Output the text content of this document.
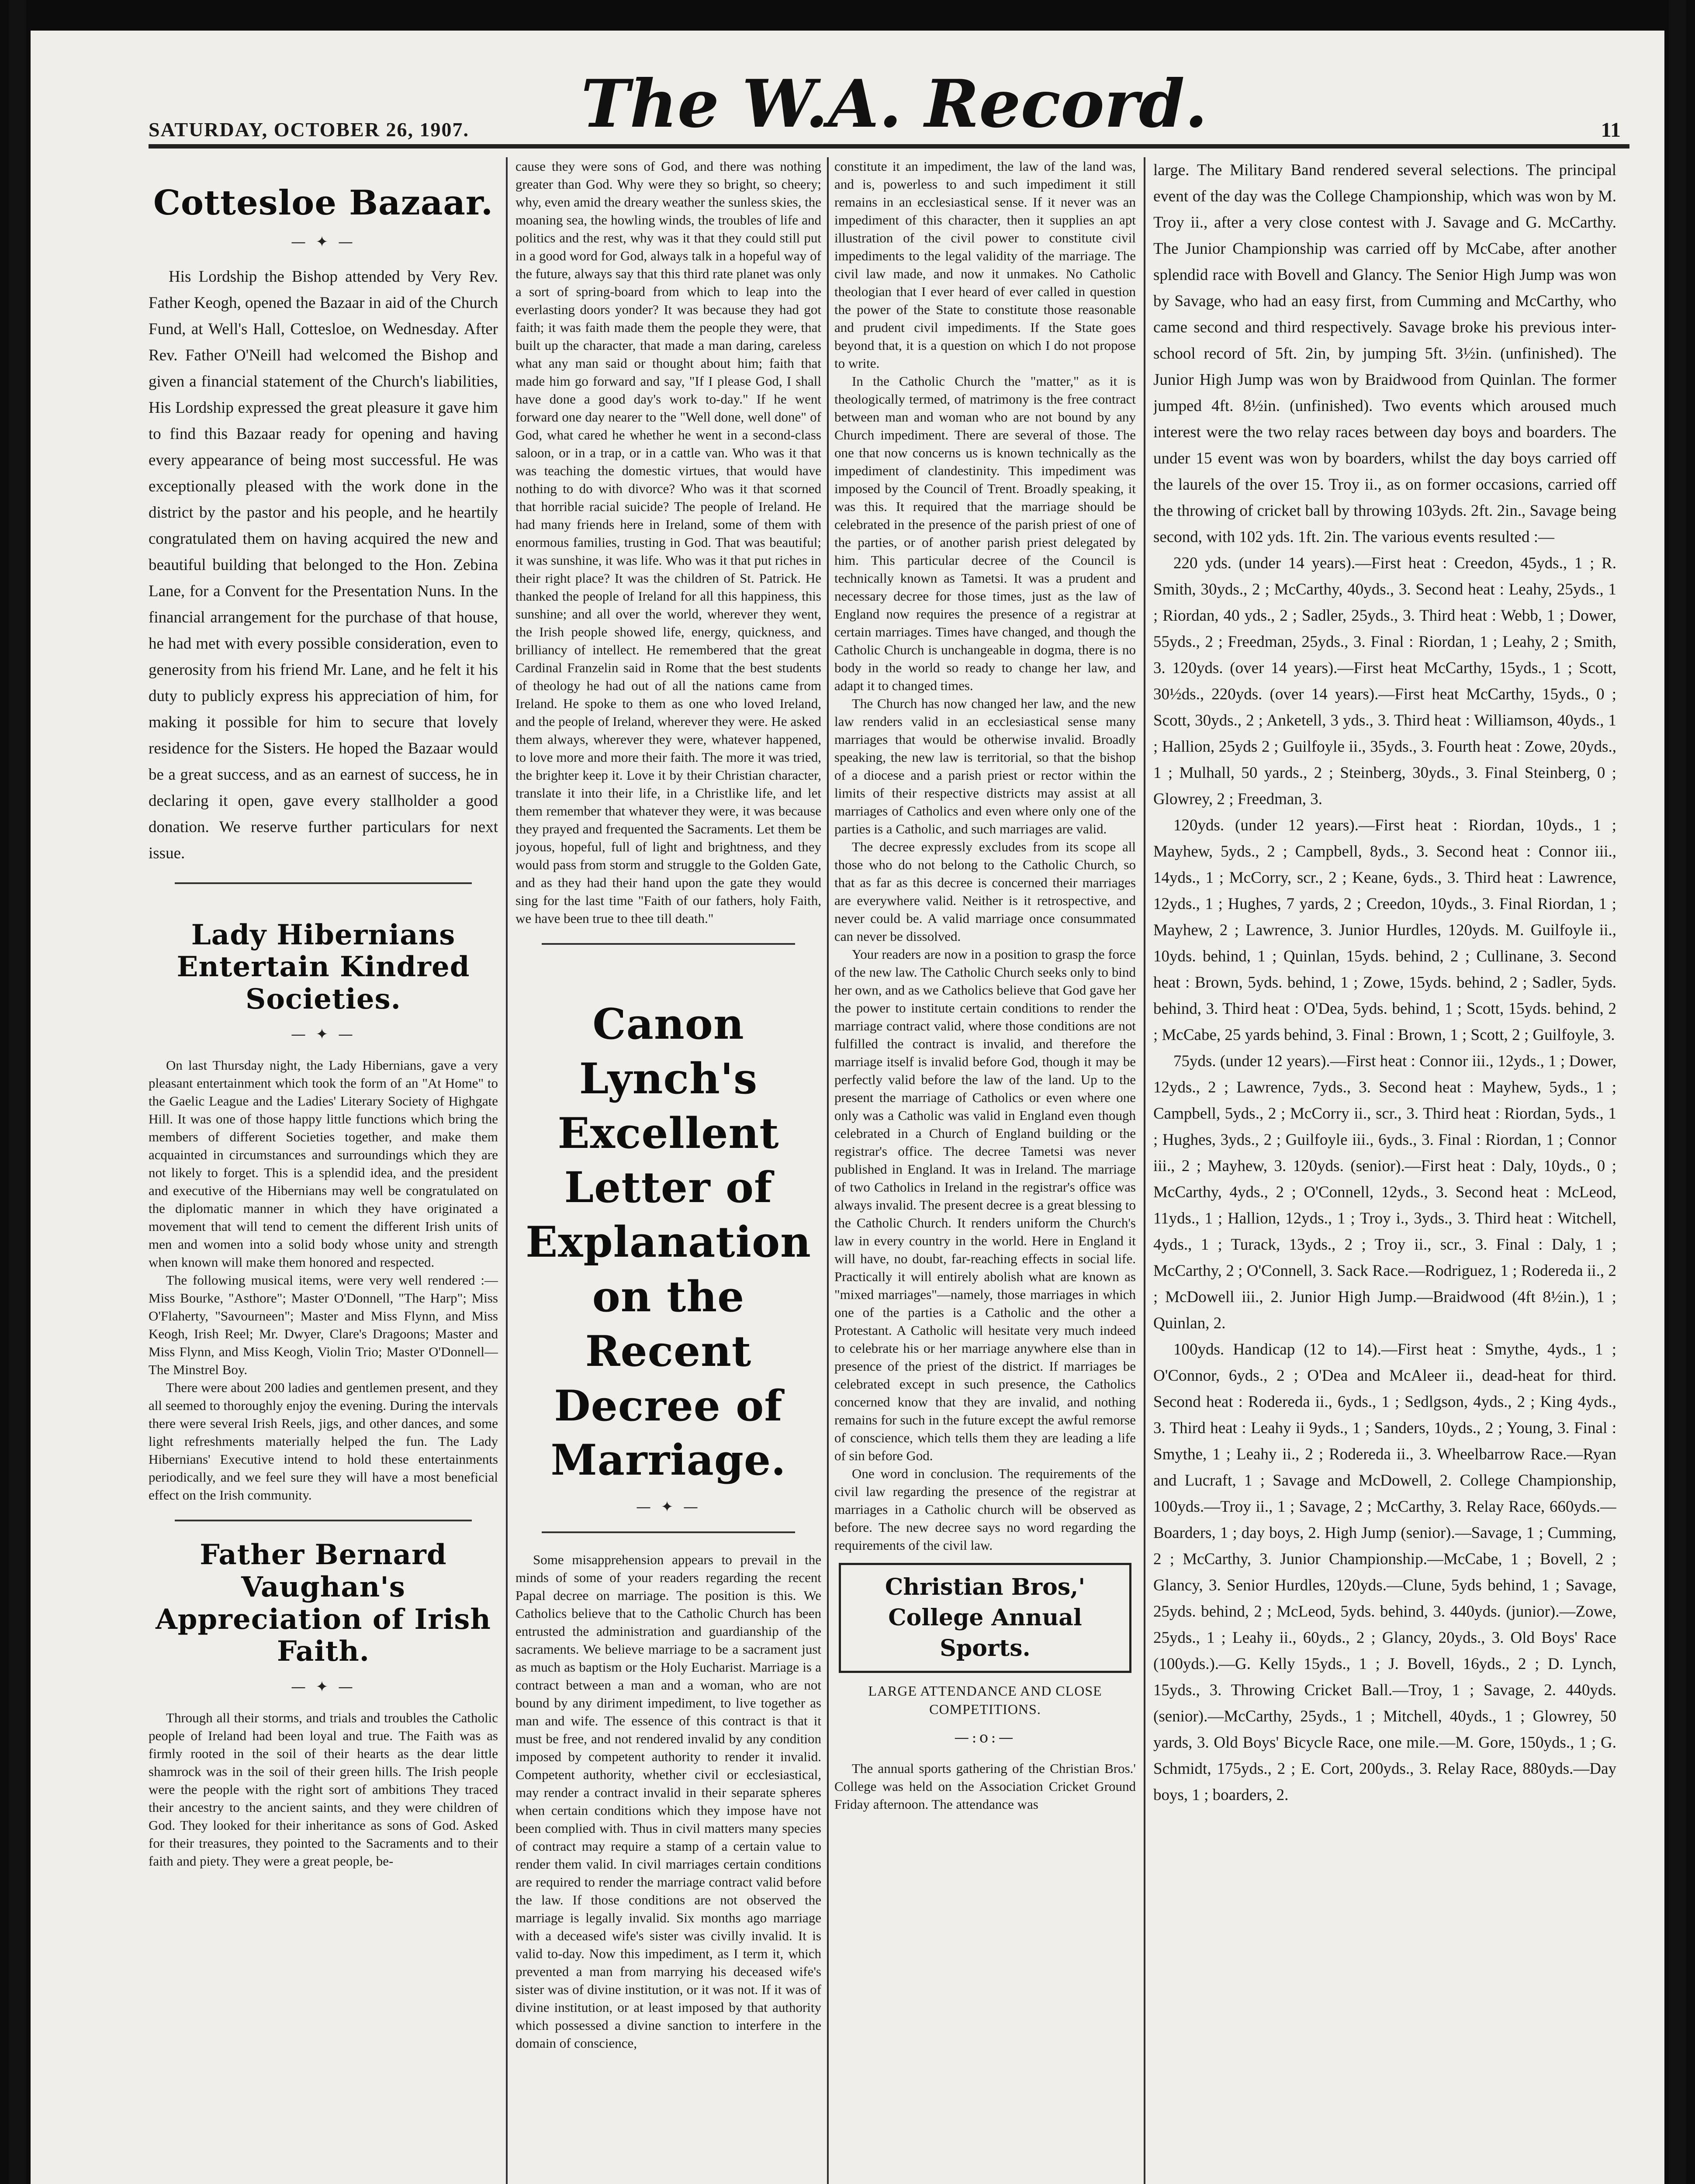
SATURDAY, OCTOBER 26, 1907. The W.A. Record.	11
Cottesloe Bazaar.
— ✦ —

His Lordship the Bishop attended by Very Rev. Father Keogh, opened the Bazaar in aid of the Church Fund, at Well's Hall, Cottesloe, on Wednesday. After Rev. Father O'Neill had welcomed the Bishop and given a financial statement of the Church's liabilities, His Lordship expressed the great pleasure it gave him to find this Bazaar ready for opening and having every appearance of being most successful. He was exceptionally pleased with the work done in the district by the pastor and his people, and he heartily congratulated them on having acquired the new and beautiful building that belonged to the Hon. Zebina Lane, for a Convent for the Presentation Nuns. In the financial arrangement for the purchase of that house, he had met with every possible consideration, even to generosity from his friend Mr. Lane, and he felt it his duty to publicly express his appreciation of him, for making it possible for him to secure that lovely residence for the Sisters. He hoped the Bazaar would be a great success, and as an earnest of success, he in declaring it open, gave every stallholder a good donation. We reserve further particulars for next issue.

Lady Hibernians Entertain Kindred Societies.
— ✦ —

On last Thursday night, the Lady Hibernians, gave a very pleasant entertainment which took the form of an "At Home" to the Gaelic League and the Ladies' Literary Society of Highgate Hill. It was one of those happy little functions which bring the members of different Societies together, and make them acquainted in circumstances and surroundings which they are not likely to forget. This is a splendid idea, and the president and executive of the Hibernians may well be congratulated on the diplomatic manner in which they have originated a movement that will tend to cement the different Irish units of men and women into a solid body whose unity and strength when known will make them honored and respected.

The following musical items, were very well rendered :—Miss Bourke, "Asthore"; Master O'Donnell, "The Harp"; Miss O'Flaherty, "Savourneen"; Master and Miss Flynn, and Miss Keogh, Irish Reel; Mr. Dwyer, Clare's Dragoons; Master and Miss Flynn, and Miss Keogh, Violin Trio; Master O'Donnell—The Minstrel Boy.

There were about 200 ladies and gentlemen present, and they all seemed to thoroughly enjoy the evening. During the intervals there were several Irish Reels, jigs, and other dances, and some light refreshments materially helped the fun. The Lady Hibernians' Executive intend to hold these entertainments periodically, and we feel sure they will have a most beneficial effect on the Irish community.

Father Bernard Vaughan's Appreciation of Irish Faith.
— ✦ —

Through all their storms, and trials and troubles the Catholic people of Ireland had been loyal and true. The Faith was as firmly rooted in the soil of their hearts as the dear little shamrock was in the soil of their green hills. The Irish people were the people with the right sort of ambitions They traced their ancestry to the ancient saints, and they were children of God. They looked for their inheritance as sons of God. Asked for their treasures, they pointed to the Sacraments and to their faith and piety. They were a great people, be-

cause they were sons of God, and there was nothing greater than God. Why were they so bright, so cheery; why, even amid the dreary weather the sunless skies, the moaning sea, the howling winds, the troubles of life and politics and the rest, why was it that they could still put in a good word for God, always talk in a hopeful way of the future, always say that this third rate planet was only a sort of spring-board from which to leap into the everlasting doors yonder? It was because they had got faith; it was faith made them the people they were, that built up the character, that made a man daring, careless what any man said or thought about him; faith that made him go forward and say, "If I please God, I shall have done a good day's work to-day." If he went forward one day nearer to the "Well done, well done" of God, what cared he whether he went in a second-class saloon, or in a trap, or in a cattle van. Who was it that was teaching the domestic virtues, that would have nothing to do with divorce? Who was it that scorned that horrible racial suicide? The people of Ireland. He had many friends here in Ireland, some of them with enormous families, trusting in God. That was beautiful; it was sunshine, it was life. Who was it that put riches in their right place? It was the children of St. Patrick. He thanked the people of Ireland for all this happiness, this sunshine; and all over the world, wherever they went, the Irish people showed life, energy, quickness, and brilliancy of intellect. He remembered that the great Cardinal Franzelin said in Rome that the best students of theology he had out of all the nations came from Ireland. He spoke to them as one who loved Ireland, and the people of Ireland, wherever they were. He asked them always, wherever they were, whatever happened, to love more and more their faith. The more it was tried, the brighter keep it. Love it by their Christian character, translate it into their life, in a Christlike life, and let them remember that whatever they were, it was because they prayed and frequented the Sacraments. Let them be joyous, hopeful, full of light and brightness, and they would pass from storm and struggle to the Golden Gate, and as they had their hand upon the gate they would sing for the last time "Faith of our fathers, holy Faith, we have been true to thee till death."

Canon Lynch's Excellent Letter of Explanation on the Recent Decree of Marriage.
— ✦ —

Some misapprehension appears to prevail in the minds of some of your readers regarding the recent Papal decree on marriage. The position is this. We Catholics believe that to the Catholic Church has been entrusted the administration and guardianship of the sacraments. We believe marriage to be a sacrament just as much as baptism or the Holy Eucharist. Marriage is a contract between a man and a woman, who are not bound by any diriment impediment, to live together as man and wife. The essence of this contract is that it must be free, and not rendered invalid by any condition imposed by competent authority to render it invalid. Competent authority, whether civil or ecclesiastical, may render a contract invalid in their separate spheres when certain conditions which they impose have not been complied with. Thus in civil matters many species of contract may require a stamp of a certain value to render them valid. In civil marriages certain conditions are required to render the marriage contract valid before the law. If those conditions are not observed the marriage is legally invalid. Six months ago marriage with a deceased wife's sister was civilly invalid. It is valid to-day. Now this impediment, as I term it, which prevented a man from marrying his deceased wife's sister was of divine institution, or it was not. If it was of divine institution, or at least imposed by that authority which possessed a divine sanction to interfere in the domain of conscience,

constitute it an impediment, the law of the land was, and is, powerless to and such impediment it still remains in an ecclesiastical sense. If it never was an impediment of this character, then it supplies an apt illustration of the civil power to constitute civil impediments to the legal validity of the marriage. The civil law made, and now it unmakes. No Catholic theologian that I ever heard of ever called in question the power of the State to constitute those reasonable and prudent civil impediments. If the State goes beyond that, it is a question on which I do not propose to write.

In the Catholic Church the "matter," as it is theologically termed, of matrimony is the free contract between man and woman who are not bound by any Church impediment. There are several of those. The one that now concerns us is known technically as the impediment of clandestinity. This impediment was imposed by the Council of Trent. Broadly speaking, it was this. It required that the marriage should be celebrated in the presence of the parish priest of one of the parties, or of another parish priest delegated by him. This particular decree of the Council is technically known as Tametsi. It was a prudent and necessary decree for those times, just as the law of England now requires the presence of a registrar at certain marriages. Times have changed, and though the Catholic Church is unchangeable in dogma, there is no body in the world so ready to change her law, and adapt it to changed times.

The Church has now changed her law, and the new law renders valid in an ecclesiastical sense many marriages that would be otherwise invalid. Broadly speaking, the new law is territorial, so that the bishop of a diocese and a parish priest or rector within the limits of their respective districts may assist at all marriages of Catholics and even where only one of the parties is a Catholic, and such marriages are valid.

The decree expressly excludes from its scope all those who do not belong to the Catholic Church, so that as far as this decree is concerned their marriages are everywhere valid. Neither is it retrospective, and never could be. A valid marriage once consummated can never be dissolved.

Your readers are now in a position to grasp the force of the new law. The Catholic Church seeks only to bind her own, and as we Catholics believe that God gave her the power to institute certain conditions to render the marriage contract valid, where those conditions are not fulfilled the contract is invalid, and therefore the marriage itself is invalid before God, though it may be perfectly valid before the law of the land. Up to the present the marriage of Catholics or even where one only was a Catholic was valid in England even though celebrated in a Church of England building or the registrar's office. The decree Tametsi was never published in England. It was in Ireland. The marriage of two Catholics in Ireland in the registrar's office was always invalid. The present decree is a great blessing to the Catholic Church. It renders uniform the Church's law in every country in the world. Here in England it will have, no doubt, far-reaching effects in social life. Practically it will entirely abolish what are known as "mixed marriages"—namely, those marriages in which one of the parties is a Catholic and the other a Protestant. A Catholic will hesitate very much indeed to celebrate his or her marriage anywhere else than in presence of the priest of the district. If marriages be celebrated except in such presence, the Catholics concerned know that they are invalid, and nothing remains for such in the future except the awful remorse of conscience, which tells them they are leading a life of sin before God.

One word in conclusion. The requirements of the civil law regarding the presence of the registrar at marriages in a Catholic church will be observed as before. The new decree says no word regarding the requirements of the civil law.

Christian Bros,' College Annual Sports.
LARGE ATTENDANCE AND CLOSE COMPETITIONS.
—:o:—

The annual sports gathering of the Christian Bros.' College was held on the Association Cricket Ground Friday afternoon. The attendance was

large. The Military Band rendered several selections. The principal event of the day was the College Championship, which was won by M. Troy ii., after a very close contest with J. Savage and G. McCarthy. The Junior Championship was carried off by McCabe, after another splendid race with Bovell and Glancy. The Senior High Jump was won by Savage, who had an easy first, from Cumming and McCarthy, who came second and third respectively. Savage broke his previous inter-school record of 5ft. 2in, by jumping 5ft. 3½in. (unfinished). The Junior High Jump was won by Braidwood from Quinlan. The former jumped 4ft. 8½in. (unfinished). Two events which aroused much interest were the two relay races between day boys and boarders. The under 15 event was won by boarders, whilst the day boys carried off the laurels of the over 15. Troy ii., as on former occasions, carried off the throwing of cricket ball by throwing 103yds. 2ft. 2in., Savage being second, with 102 yds. 1ft. 2in. The various events resulted :—

220 yds. (under 14 years).—First heat : Creedon, 45yds., 1 ; R. Smith, 30yds., 2 ; McCarthy, 40yds., 3. Second heat : Leahy, 25yds., 1 ; Riordan, 40 yds., 2 ; Sadler, 25yds., 3. Third heat : Webb, 1 ; Dower, 55yds., 2 ; Freedman, 25yds., 3. Final : Riordan, 1 ; Leahy, 2 ; Smith, 3. 120yds. (over 14 years).—First heat McCarthy, 15yds., 1 ; Scott, 30½ds., 220yds. (over 14 years).—First heat McCarthy, 15yds., 0 ; Scott, 30yds., 2 ; Anketell, 3 yds., 3. Third heat : Williamson, 40yds., 1 ; Hallion, 25yds 2 ; Guilfoyle ii., 35yds., 3. Fourth heat : Zowe, 20yds., 1 ; Mulhall, 50 yards., 2 ; Steinberg, 30yds., 3. Final Steinberg, 0 ; Glowrey, 2 ; Freedman, 3.

120yds. (under 12 years).—First heat : Riordan, 10yds., 1 ; Mayhew, 5yds., 2 ; Campbell, 8yds., 3. Second heat : Connor iii., 14yds., 1 ; McCorry, scr., 2 ; Keane, 6yds., 3. Third heat : Lawrence, 12yds., 1 ; Hughes, 7 yards, 2 ; Creedon, 10yds., 3. Final Riordan, 1 ; Mayhew, 2 ; Lawrence, 3. Junior Hurdles, 120yds. M. Guilfoyle ii., 10yds. behind, 1 ; Quinlan, 15yds. behind, 2 ; Cullinane, 3. Second heat : Brown, 5yds. behind, 1 ; Zowe, 15yds. behind, 2 ; Sadler, 5yds. behind, 3. Third heat : O'Dea, 5yds. behind, 1 ; Scott, 15yds. behind, 2 ; McCabe, 25 yards behind, 3. Final : Brown, 1 ; Scott, 2 ; Guilfoyle, 3.

75yds. (under 12 years).—First heat : Connor iii., 12yds., 1 ; Dower, 12yds., 2 ; Lawrence, 7yds., 3. Second heat : Mayhew, 5yds., 1 ; Campbell, 5yds., 2 ; McCorry ii., scr., 3. Third heat : Riordan, 5yds., 1 ; Hughes, 3yds., 2 ; Guilfoyle iii., 6yds., 3. Final : Riordan, 1 ; Connor iii., 2 ; Mayhew, 3. 120yds. (senior).—First heat : Daly, 10yds., 0 ; McCarthy, 4yds., 2 ; O'Connell, 12yds., 3. Second heat : McLeod, 11yds., 1 ; Hallion, 12yds., 1 ; Troy i., 3yds., 3. Third heat : Witchell, 4yds., 1 ; Turack, 13yds., 2 ; Troy ii., scr., 3. Final : Daly, 1 ; McCarthy, 2 ; O'Connell, 3. Sack Race.—Rodriguez, 1 ; Rodereda ii., 2 ; McDowell iii., 2. Junior High Jump.—Braidwood (4ft 8½in.), 1 ; Quinlan, 2.

100yds. Handicap (12 to 14).—First heat : Smythe, 4yds., 1 ; O'Connor, 6yds., 2 ; O'Dea and McAleer ii., dead-heat for third. Second heat : Rodereda ii., 6yds., 1 ; Sedlgson, 4yds., 2 ; King 4yds., 3. Third heat : Leahy ii 9yds., 1 ; Sanders, 10yds., 2 ; Young, 3. Final : Smythe, 1 ; Leahy ii., 2 ; Rodereda ii., 3. Wheelbarrow Race.—Ryan and Lucraft, 1 ; Savage and McDowell, 2. College Championship, 100yds.—Troy ii., 1 ; Savage, 2 ; McCarthy, 3. Relay Race, 660yds.—Boarders, 1 ; day boys, 2. High Jump (senior).—Savage, 1 ; Cumming, 2 ; McCarthy, 3. Junior Championship.—McCabe, 1 ; Bovell, 2 ; Glancy, 3. Senior Hurdles, 120yds.—Clune, 5yds behind, 1 ; Savage, 25yds. behind, 2 ; McLeod, 5yds. behind, 3. 440yds. (junior).—Zowe, 25yds., 1 ; Leahy ii., 60yds., 2 ; Glancy, 20yds., 3. Old Boys' Race (100yds.).—G. Kelly 15yds., 1 ; J. Bovell, 16yds., 2 ; D. Lynch, 15yds., 3. Throwing Cricket Ball.—Troy, 1 ; Savage, 2. 440yds. (senior).—McCarthy, 25yds., 1 ; Mitchell, 40yds., 1 ; Glowrey, 50 yards, 3. Old Boys' Bicycle Race, one mile.—M. Gore, 150yds., 1 ; G. Schmidt, 175yds., 2 ; E. Cort, 200yds., 3. Relay Race, 880yds.—Day boys, 1 ; boarders, 2.
